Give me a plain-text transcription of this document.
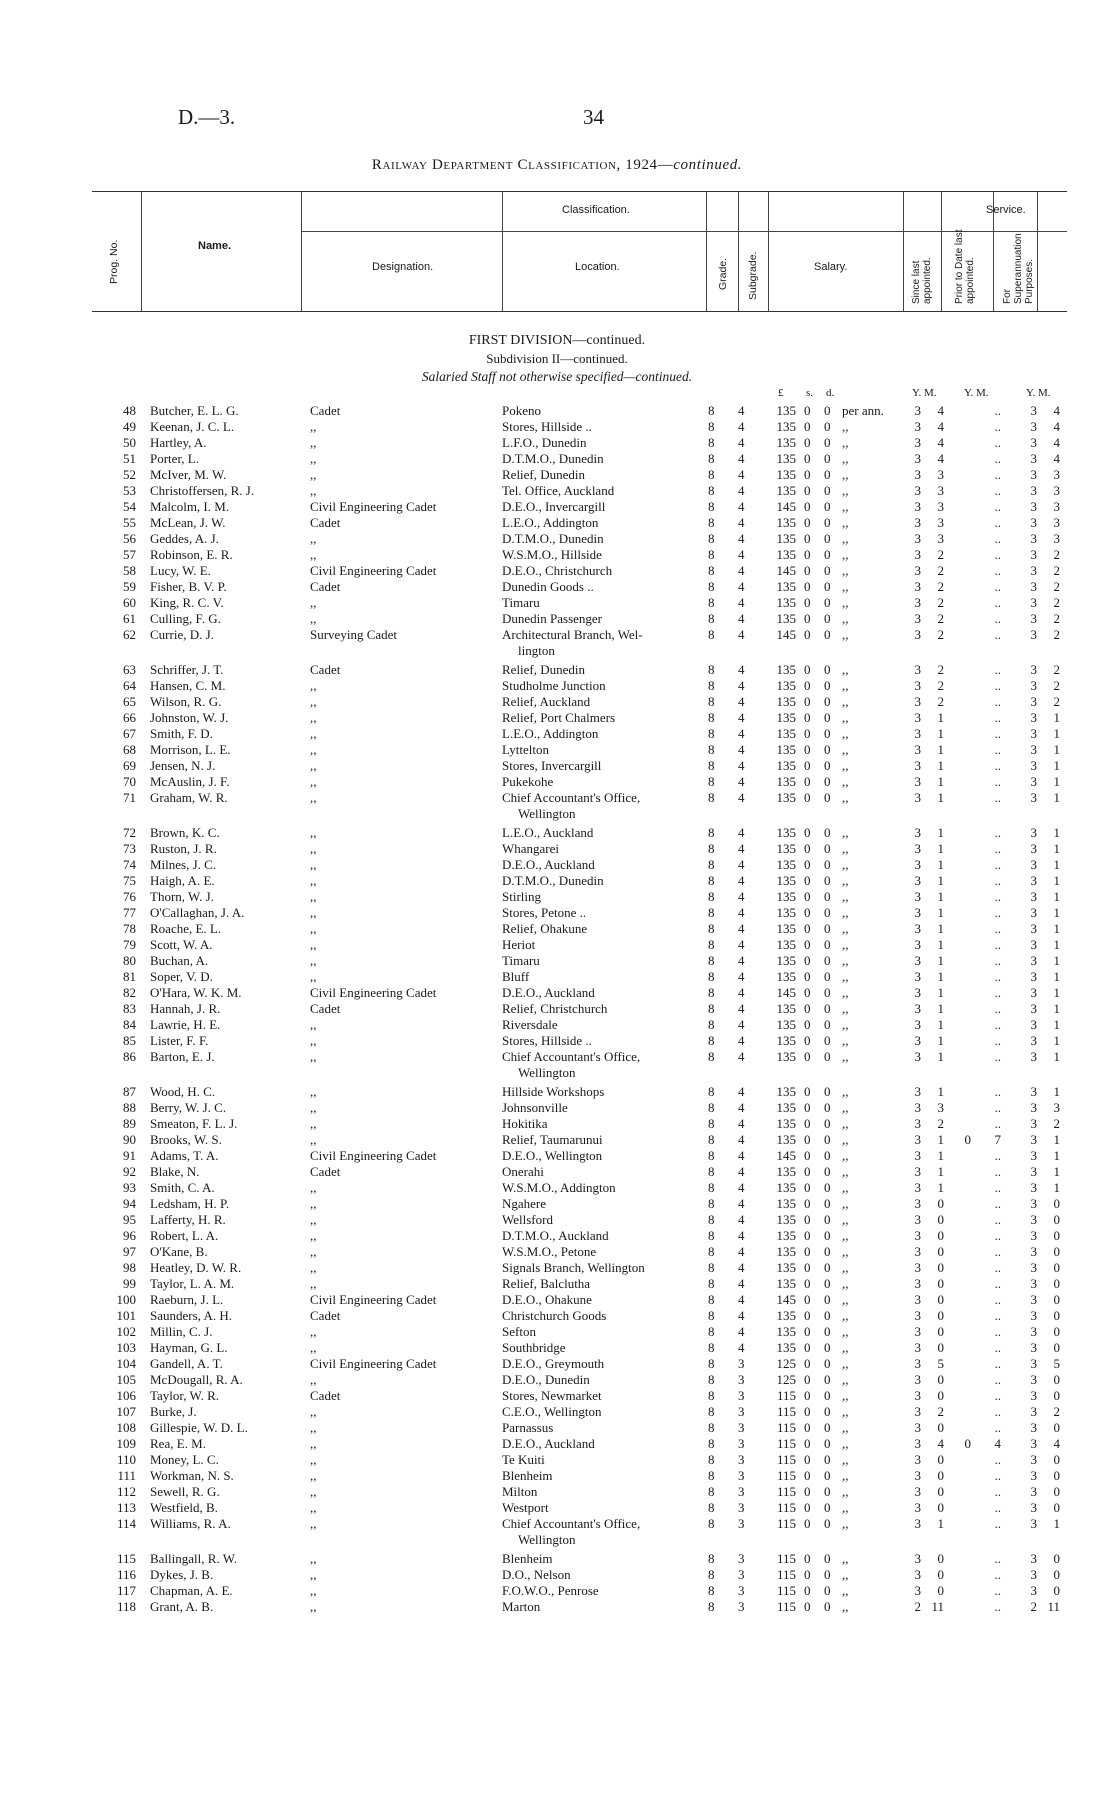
D.—3.	34
Railway Department Classification, 1924—continued.
Prog. No.	Name.
Classification.	Service.
Designation.	Location.	Grade. Subgrade.	Salary.	Since last appointed. Prior to Date last appointed.	For Superannuation Purposes.
FIRST DIVISION—continued.
Subdivision II—continued.
Salaried Staff not otherwise specified—continued.
£ s. d.	Y. M. Y. M.	Y. M.
48 Butcher, E. L. G.	Cadet	Pokeno	8 4	135 0 0 per ann.	3	4	..	3	4
49 Keenan, J. C. L.	,,	Stores, Hillside ..	8 4	135 0 0 ,,	3	4	..	3	4
50 Hartley, A.	,,	L.F.O., Dunedin	8 4	135 0 0 ,,	3	4	..	3	4
51 Porter, L.	,,	D.T.M.O., Dunedin	8 4	135 0 0 ,,	3	4	..	3	4
52 McIver, M. W.	,,	Relief, Dunedin	8 4	135 0 0 ,,	3	3	..	3	3
53 Christoffersen, R. J.	,,	Tel. Office, Auckland	8 4	135 0 0 ,,	3	3	..	3	3
54 Malcolm, I. M.	Civil Engineering Cadet	D.E.O., Invercargill	8 4	145 0 0 ,,	3	3	..	3	3
55 McLean, J. W.	Cadet	L.E.O., Addington	8 4	135 0 0 ,,	3	3	..	3	3
56 Geddes, A. J.	,,	D.T.M.O., Dunedin	8 4	135 0 0 ,,	3	3	..	3	3
57 Robinson, E. R.	,,	W.S.M.O., Hillside	8 4	135 0 0 ,,	3	2	..	3	2
58 Lucy, W. E.	Civil Engineering Cadet	D.E.O., Christchurch	8 4	145 0 0 ,,	3	2	..	3	2
59 Fisher, B. V. P.	Cadet	Dunedin Goods ..	8 4	135 0 0 ,,	3	2	..	3	2
60 King, R. C. V.	,,	Timaru	8 4	135 0 0 ,,	3	2	..	3	2
61 Culling, F. G.	,,	Dunedin Passenger	8 4	135 0 0 ,,	3	2	..	3	2
62 Currie, D. J.	Surveying Cadet	Architectural Branch, Wel-	8 4	145 0 0 ,,	3	2	..	3	2
lington
63 Schriffer, J. T.	Cadet	Relief, Dunedin	8 4	135 0 0 ,,	3	2	..	3	2
64 Hansen, C. M.	,,	Studholme Junction	8 4	135 0 0 ,,	3	2	..	3	2
65 Wilson, R. G.	,,	Relief, Auckland	8 4	135 0 0 ,,	3	2	..	3	2
66 Johnston, W. J.	,,	Relief, Port Chalmers	8 4	135 0 0 ,,	3	1	..	3	1
67 Smith, F. D.	,,	L.E.O., Addington	8 4	135 0 0 ,,	3	1	..	3	1
68 Morrison, L. E.	,,	Lyttelton	8 4	135 0 0 ,,	3	1	..	3	1
69 Jensen, N. J.	,,	Stores, Invercargill	8 4	135 0 0 ,,	3	1	..	3	1
70 McAuslin, J. F.	,,	Pukekohe	8 4	135 0 0 ,,	3	1	..	3	1
71 Graham, W. R.	,,	Chief Accountant's Office,	8 4	135 0 0 ,,	3	1	..	3	1
Wellington
72 Brown, K. C.	,,	L.E.O., Auckland	8 4	135 0 0 ,,	3	1	..	3	1
73 Ruston, J. R.	,,	Whangarei	8 4	135 0 0 ,,	3	1	..	3	1
74 Milnes, J. C.	,,	D.E.O., Auckland	8 4	135 0 0 ,,	3	1	..	3	1
75 Haigh, A. E.	,,	D.T.M.O., Dunedin	8 4	135 0 0 ,,	3	1	..	3	1
76 Thorn, W. J.	,,	Stirling	8 4	135 0 0 ,,	3	1	..	3	1
77 O'Callaghan, J. A.	,,	Stores, Petone ..	8 4	135 0 0 ,,	3	1	..	3	1
78 Roache, E. L.	,,	Relief, Ohakune	8 4	135 0 0 ,,	3	1	..	3	1
79 Scott, W. A.	,,	Heriot	8 4	135 0 0 ,,	3	1	..	3	1
80 Buchan, A.	,,	Timaru	8 4	135 0 0 ,,	3	1	..	3	1
81 Soper, V. D.	,,	Bluff	8 4	135 0 0 ,,	3	1	..	3	1
82 O'Hara, W. K. M.	Civil Engineering Cadet	D.E.O., Auckland	8 4	145 0 0 ,,	3	1	..	3	1
83 Hannah, J. R.	Cadet	Relief, Christchurch	8 4	135 0 0 ,,	3	1	..	3	1
84 Lawrie, H. E.	,,	Riversdale	8 4	135 0 0 ,,	3	1	..	3	1
85 Lister, F. F.	,,	Stores, Hillside ..	8 4	135 0 0 ,,	3	1	..	3	1
86 Barton, E. J.	,,	Chief Accountant's Office,	8 4	135 0 0 ,,	3	1	..	3	1
Wellington
87 Wood, H. C.	,,	Hillside Workshops	8 4	135 0 0 ,,	3	1	..	3	1
88 Berry, W. J. C.	,,	Johnsonville	8 4	135 0 0 ,,	3	3	..	3	3
89 Smeaton, F. L. J.	,,	Hokitika	8 4	135 0 0 ,,	3	2	..	3	2
90 Brooks, W. S.	,,	Relief, Taumarunui	8 4	135 0 0 ,,	3	1	0	7	3	1
91 Adams, T. A.	Civil Engineering Cadet	D.E.O., Wellington	8 4	145 0 0 ,,	3	1	..	3	1
92 Blake, N.	Cadet	Onerahi	8 4	135 0 0 ,,	3	1	..	3	1
93 Smith, C. A.	,,	W.S.M.O., Addington	8 4	135 0 0 ,,	3	1	..	3	1
94 Ledsham, H. P.	,,	Ngahere	8 4	135 0 0 ,,	3	0	..	3	0
95 Lafferty, H. R.	,,	Wellsford	8 4	135 0 0 ,,	3	0	..	3	0
96 Robert, L. A.	,,	D.T.M.O., Auckland	8 4	135 0 0 ,,	3	0	..	3	0
97 O'Kane, B.	,,	W.S.M.O., Petone	8 4	135 0 0 ,,	3	0	..	3	0
98 Heatley, D. W. R.	,,	Signals Branch, Wellington	8 4	135 0 0 ,,	3	0	..	3	0
99 Taylor, L. A. M.	,,	Relief, Balclutha	8 4	135 0 0 ,,	3	0	..	3	0
100 Raeburn, J. L.	Civil Engineering Cadet	D.E.O., Ohakune	8 4	145 0 0 ,,	3	0	..	3	0
101 Saunders, A. H.	Cadet	Christchurch Goods	8 4	135 0 0 ,,	3	0	..	3	0
102 Millin, C. J.	,,	Sefton	8 4	135 0 0 ,,	3	0	..	3	0
103 Hayman, G. L.	,,	Southbridge	8 4	135 0 0 ,,	3	0	..	3	0
104 Gandell, A. T.	Civil Engineering Cadet	D.E.O., Greymouth	8 3	125 0 0 ,,	3	5	..	3	5
105 McDougall, R. A.	,,	D.E.O., Dunedin	8 3	125 0 0 ,,	3	0	..	3	0
106 Taylor, W. R.	Cadet	Stores, Newmarket	8 3	115 0 0 ,,	3	0	..	3	0
107 Burke, J.	,,	C.E.O., Wellington	8 3	115 0 0 ,,	3	2	..	3	2
108 Gillespie, W. D. L.	,,	Parnassus	8 3	115 0 0 ,,	3	0	..	3	0
109 Rea, E. M.	,,	D.E.O., Auckland	8 3	115 0 0 ,,	3	4	0	4	3	4
110 Money, L. C.	,,	Te Kuiti	8 3	115 0 0 ,,	3	0	..	3	0
111 Workman, N. S.	,,	Blenheim	8 3	115 0 0 ,,	3	0	..	3	0
112 Sewell, R. G.	,,	Milton	8 3	115 0 0 ,,	3	0	..	3	0
113 Westfield, B.	,,	Westport	8 3	115 0 0 ,,	3	0	..	3	0
114 Williams, R. A.	,,	Chief Accountant's Office,	8 3	115 0 0 ,,	3	1	..	3	1
Wellington
115 Ballingall, R. W.	,,	Blenheim	8 3	115 0 0 ,,	3	0	..	3	0
116 Dykes, J. B.	,,	D.O., Nelson	8 3	115 0 0 ,,	3	0	..	3	0
117 Chapman, A. E.	,,	F.O.W.O., Penrose	8 3	115 0 0 ,,	3	0	..	3	0
118 Grant, A. B.	,,	Marton	8 3	115 0 0 ,,	2 11	..	2 11
